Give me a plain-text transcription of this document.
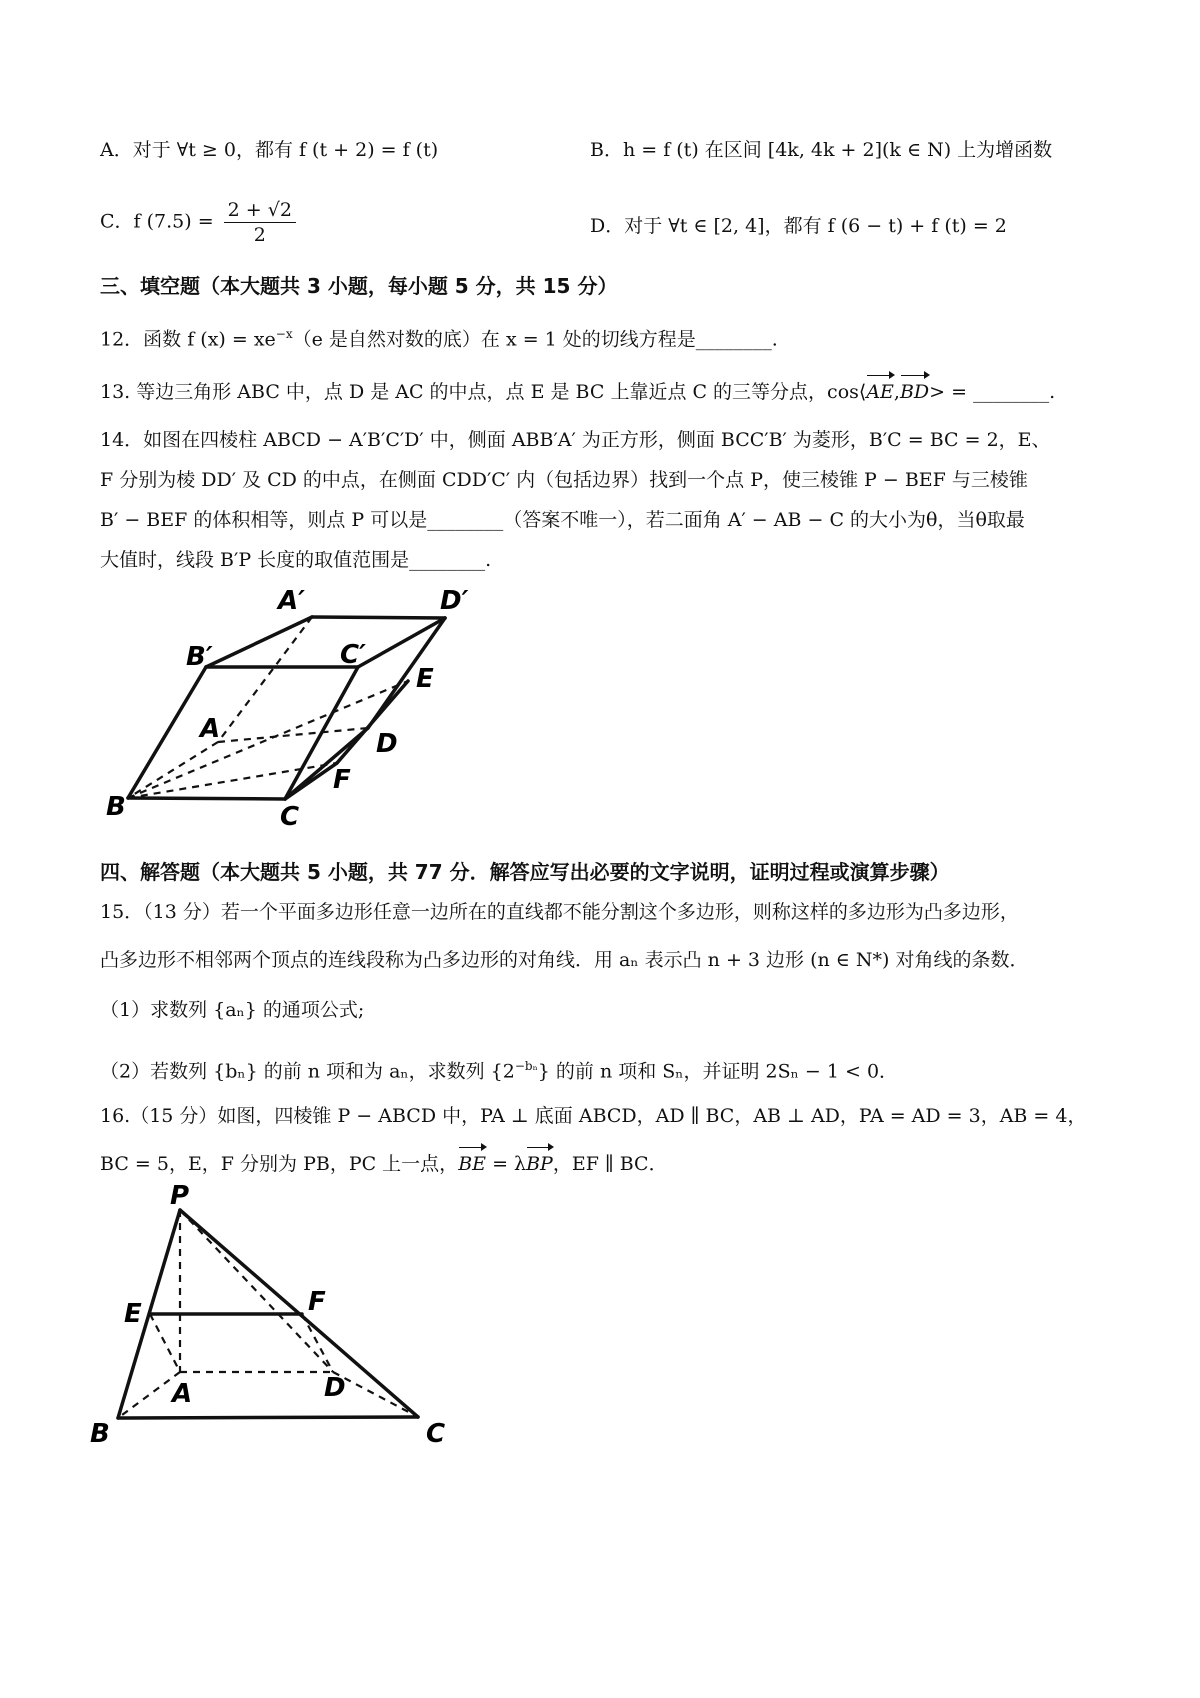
A．对于 ∀t ≥ 0，都有 f (t + 2) = f (t)	B．h = f (t) 在区间 [4k, 4k + 2](k ∈ N) 上为增函数
C．f $(7.5) = \frac{2 + √2}{2}$	D．对于 ∀t ∈ [2, 4]，都有 f (6 − t) + f (t) = 2
三、填空题（本大题共 3 小题，每小题 5 分，共 15 分）
12．函数 f $(x) = xe^{-x}(e$ 是自然对数的底）在 x = 1 处的切线方程是________.
13. 等边三角形 ABC 中，点 D 是 AC 的中点，点 E 是 BC 上靠近点 C 的三等分点，cos⟨AE,BD> = ________.
14．如图在四棱柱 ABCD − A′B′C′D′ 中，侧面 ABB′A′ 为正方形，侧面 BCC′B′ 为菱形，B′C = BC = 2，E、
F 分别为棱 DD′ 及 CD 的中点，在侧面 CDD′C′ 内（包括边界）找到一个点 P，使三棱锥 P − BEF 与三棱锥
B′ − BEF 的体积相等，则点 P 可以是________（答案不唯一），若二面角 A′ − AB − C 的大小为θ，当θ取最
大值时，线段 B′P 长度的取值范围是________.
A′	D′
B′	C′
E
A	D
F
B	C
四、解答题（本大题共 5 小题，共 77 分．解答应写出必要的文字说明，证明过程或演算步骤）
15．（13 分）若一个平面多边形任意一边所在的直线都不能分割这个多边形，则称这样的多边形为凸多边形，
凸多边形不相邻两个顶点的连线段称为凸多边形的对角线．用 aₙ 表示凸 n + 3 边形 (n ∈ N*) 对角线的条数．
（1）求数列 {aₙ} 的通项公式;
（2）若数列 {bₙ} 的前 n 项和为 aₙ，求数列 $\{2^{-b_n}\}$ 的前 n 项和 Sₙ，并证明 2Sₙ − 1 < 0．
16.（15 分）如图，四棱锥 P − ABCD 中，PA ⊥ 底面 ABCD，AD ∥ BC，AB ⊥ AD，PA = AD = 3，AB = 4，
BC = 5，E，F 分别为 PB，PC 上一点，BE = λBP，EF ∥ BC．
P
E	F
A	D
B	C
